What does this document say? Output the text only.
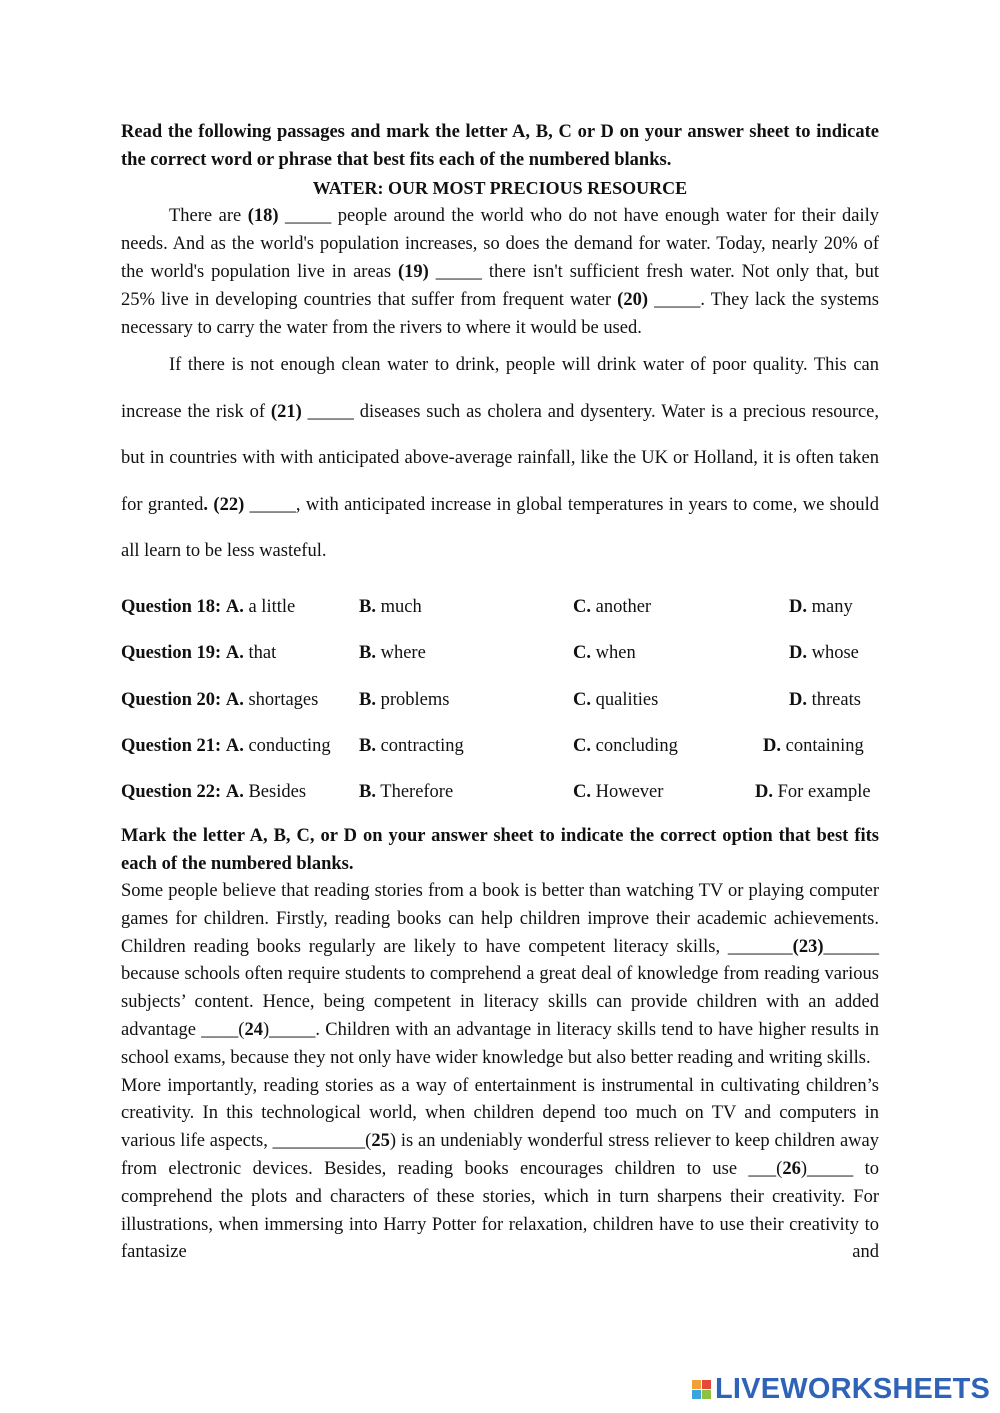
Read the following passages and mark the letter A, B, C or D on your answer sheet to indicate the correct word or phrase that best fits each of the numbered blanks.

WATER: OUR MOST PRECIOUS RESOURCE

There are (18) _____ people around the world who do not have enough water for their daily needs. And as the world's population increases, so does the demand for water. Today, nearly 20% of the world's population live in areas (19) _____ there isn't sufficient fresh water. Not only that, but 25% live in developing countries that suffer from frequent water (20) _____. They lack the systems necessary to carry the water from the rivers to where it would be used.

If there is not enough clean water to drink, people will drink water of poor quality. This can increase the risk of (21) _____ diseases such as cholera and dysentery. Water is a precious resource, but in countries with with anticipated above-average rainfall, like the UK or Holland, it is often taken for granted. (22) _____, with anticipated increase in global temperatures in years to come, we should all learn to be less wasteful.

Question 18: A. a little	B. much	C. another	D. many
Question 19: A. that	B. where	C. when	D. whose
Question 20: A. shortages	B. problems	C. qualities	D. threats
Question 21: A. conducting	B. contracting	C. concluding	D. containing
Question 22: A. Besides	B. Therefore	C. However	D. For example

Mark the letter A, B, C, or D on your answer sheet to indicate the correct option that best fits each of the numbered blanks.

Some people believe that reading stories from a book is better than watching TV or playing computer games for children. Firstly, reading books can help children improve their academic achievements. Children reading books regularly are likely to have competent literacy skills, _______(23)______ because schools often require students to comprehend a great deal of knowledge from reading various subjects’ content. Hence, being competent in literacy skills can provide children with an added advantage ____(24)_____. Children with an advantage in literacy skills tend to have higher results in school exams, because they not only have wider knowledge but also better reading and writing skills.

More importantly, reading stories as a way of entertainment is instrumental in cultivating children’s creativity. In this technological world, when children depend too much on TV and computers in various life aspects, __________(25) is an undeniably wonderful stress reliever to keep children away from electronic devices. Besides, reading books encourages children to use ___(26)_____ to comprehend the plots and characters of these stories, which in turn sharpens their creativity. For illustrations, when immersing into Harry Potter for relaxation, children have to use their creativity to fantasize and

LIVEWORKSHEETS
